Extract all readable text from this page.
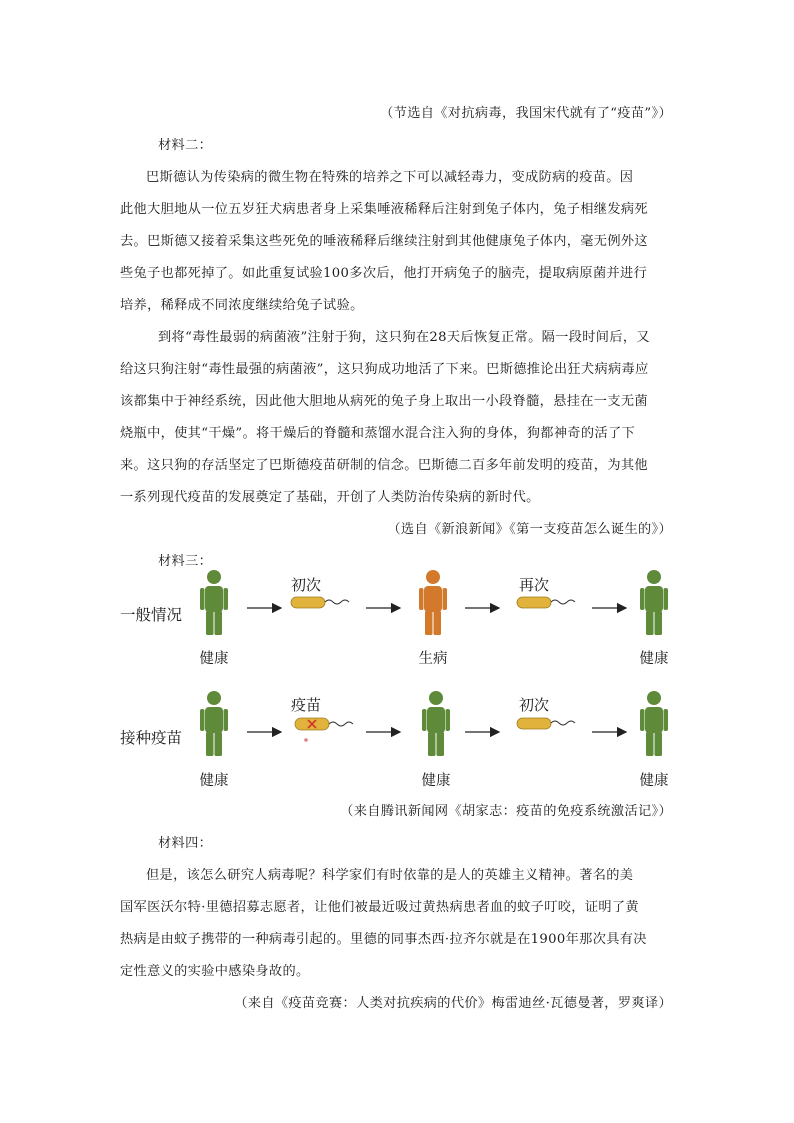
（节选自《对抗病毒，我国宋代就有了“疫苗”》）
材料二：
巴斯德认为传染病的微生物在特殊的培养之下可以减轻毒力，变成防病的疫苗。因
此他大胆地从一位五岁狂犬病患者身上采集唾液稀释后注射到兔子体内，兔子相继发病死
去。巴斯德又接着采集这些死免的唾液稀释后继续注射到其他健康兔子体内，毫无例外这
些兔子也都死掉了。如此重复试验100多次后，他打开病兔子的脑壳，提取病原菌并进行
培养，稀释成不同浓度继续给兔子试验。
到将“毒性最弱的病菌液”注射于狗，这只狗在28天后恢复正常。隔一段时间后，又
给这只狗注射“毒性最强的病菌液”，这只狗成功地活了下来。巴斯德推论出狂犬病病毒应
该都集中于神经系统，因此他大胆地从病死的兔子身上取出一小段脊髓，悬挂在一支无菌
烧瓶中，使其“干燥”。将干燥后的脊髓和蒸馏水混合注入狗的身体，狗都神奇的活了下
来。这只狗的存活坚定了巴斯德疫苗研制的信念。巴斯德二百多年前发明的疫苗，为其他
一系列现代疫苗的发展奠定了基础，开创了人类防治传染病的新时代。
（选自《新浪新闻》《第一支疫苗怎么诞生的》）
材料三：
一般情况
接种疫苗
初次	再次
疫苗	初次
健康	生病	健康
健康	健康	健康
（来自腾讯新闻网《胡家志：疫苗的免疫系统激活记》）
材料四：
但是，该怎么研究人病毒呢？科学家们有时依靠的是人的英雄主义精神。著名的美
国军医沃尔特·里德招募志愿者，让他们被最近吸过黄热病患者血的蚊子叮咬，证明了黄
热病是由蚊子携带的一种病毒引起的。里德的同事杰西·拉齐尔就是在1900年那次具有决
定性意义的实验中感染身故的。
（来自《疫苗竞赛：人类对抗疾病的代价》梅雷迪丝·瓦德曼著，罗爽译）
